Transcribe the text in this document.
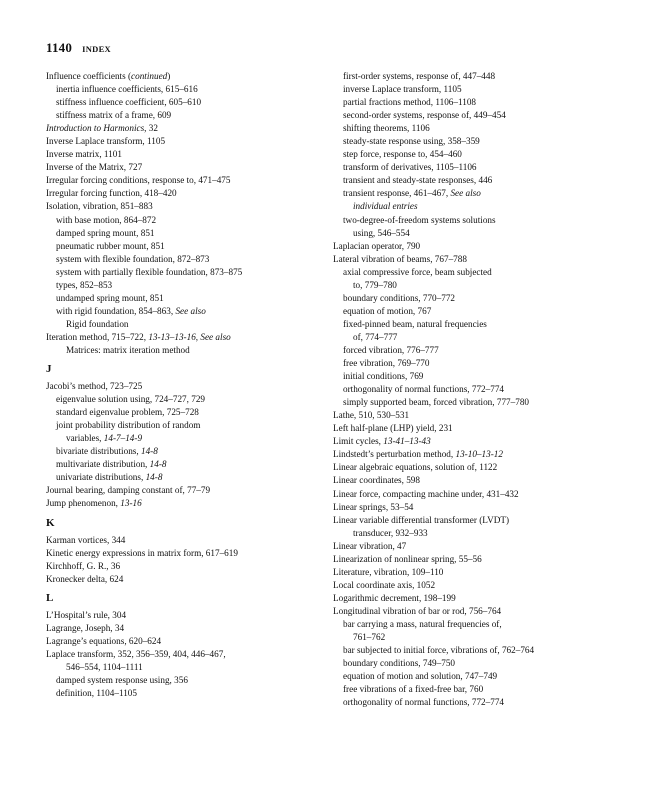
1140 INDEX
Influence coefficients (continued)
inertia influence coefficients, 615–616
stiffness influence coefficient, 605–610
stiffness matrix of a frame, 609
Introduction to Harmonics, 32
Inverse Laplace transform, 1105
Inverse matrix, 1101
Inverse of the Matrix, 727
Irregular forcing conditions, response to, 471–475
Irregular forcing function, 418–420
Isolation, vibration, 851–883
with base motion, 864–872
damped spring mount, 851
pneumatic rubber mount, 851
system with flexible foundation, 872–873
system with partially flexible foundation, 873–875
types, 852–853
undamped spring mount, 851
with rigid foundation, 854–863, See also
Rigid foundation
Iteration method, 715–722, 13-13–13-16, See also
Matrices: matrix iteration method
J
Jacobi’s method, 723–725
eigenvalue solution using, 724–727, 729
standard eigenvalue problem, 725–728
joint probability distribution of random
variables, 14-7–14-9
bivariate distributions, 14-8
multivariate distribution, 14-8
univariate distributions, 14-8
Journal bearing, damping constant of, 77–79
Jump phenomenon, 13-16
K
Karman vortices, 344
Kinetic energy expressions in matrix form, 617–619
Kirchhoff, G. R., 36
Kronecker delta, 624
L
L’Hospital’s rule, 304
Lagrange, Joseph, 34
Lagrange’s equations, 620–624
Laplace transform, 352, 356–359, 404, 446–467,
546–554, 1104–1111
damped system response using, 356
definition, 1104–1105
first-order systems, response of, 447–448
inverse Laplace transform, 1105
partial fractions method, 1106–1108
second-order systems, response of, 449–454
shifting theorems, 1106
steady-state response using, 358–359
step force, response to, 454–460
transform of derivatives, 1105–1106
transient and steady-state responses, 446
transient response, 461–467, See also
individual entries
two-degree-of-freedom systems solutions
using, 546–554
Laplacian operator, 790
Lateral vibration of beams, 767–788
axial compressive force, beam subjected
to, 779–780
boundary conditions, 770–772
equation of motion, 767
fixed-pinned beam, natural frequencies
of, 774–777
forced vibration, 776–777
free vibration, 769–770
initial conditions, 769
orthogonality of normal functions, 772–774
simply supported beam, forced vibration, 777–780
Lathe, 510, 530–531
Left half-plane (LHP) yield, 231
Limit cycles, 13-41–13-43
Lindstedt’s perturbation method, 13-10–13-12
Linear algebraic equations, solution of, 1122
Linear coordinates, 598
Linear force, compacting machine under, 431–432
Linear springs, 53–54
Linear variable differential transformer (LVDT)
transducer, 932–933
Linear vibration, 47
Linearization of nonlinear spring, 55–56
Literature, vibration, 109–110
Local coordinate axis, 1052
Logarithmic decrement, 198–199
Longitudinal vibration of bar or rod, 756–764
bar carrying a mass, natural frequencies of,
761–762
bar subjected to initial force, vibrations of, 762–764
boundary conditions, 749–750
equation of motion and solution, 747–749
free vibrations of a fixed-free bar, 760
orthogonality of normal functions, 772–774
